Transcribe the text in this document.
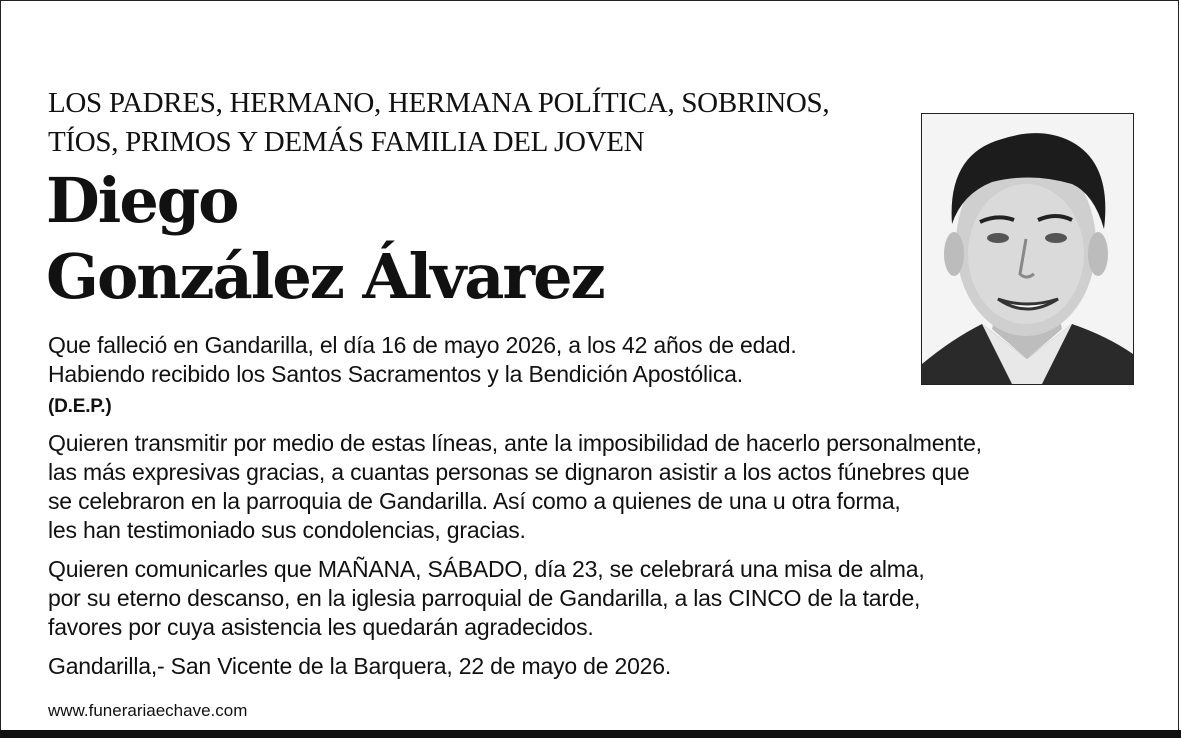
LOS PADRES, HERMANO, HERMANA POLÍTICA, SOBRINOS,
TÍOS, PRIMOS Y DEMÁS FAMILIA DEL JOVEN
Diego
González Álvarez
Que falleció en Gandarilla, el día 16 de mayo 2026, a los 42 años de edad.
Habiendo recibido los Santos Sacramentos y la Bendición Apostólica.
(D.E.P.)
Quieren transmitir por medio de estas líneas, ante la imposibilidad de hacerlo personalmente,
las más expresivas gracias, a cuantas personas se dignaron asistir a los actos fúnebres que
se celebraron en la parroquia de Gandarilla. Así como a quienes de una u otra forma,
les han testimoniado sus condolencias, gracias.
Quieren comunicarles que MAÑANA, SÁBADO, día 23, se celebrará una misa de alma,
por su eterno descanso, en la iglesia parroquial de Gandarilla, a las CINCO de la tarde,
favores por cuya asistencia les quedarán agradecidos.
Gandarilla,- San Vicente de la Barquera, 22 de mayo de 2026.
www.funerariaechave.com
